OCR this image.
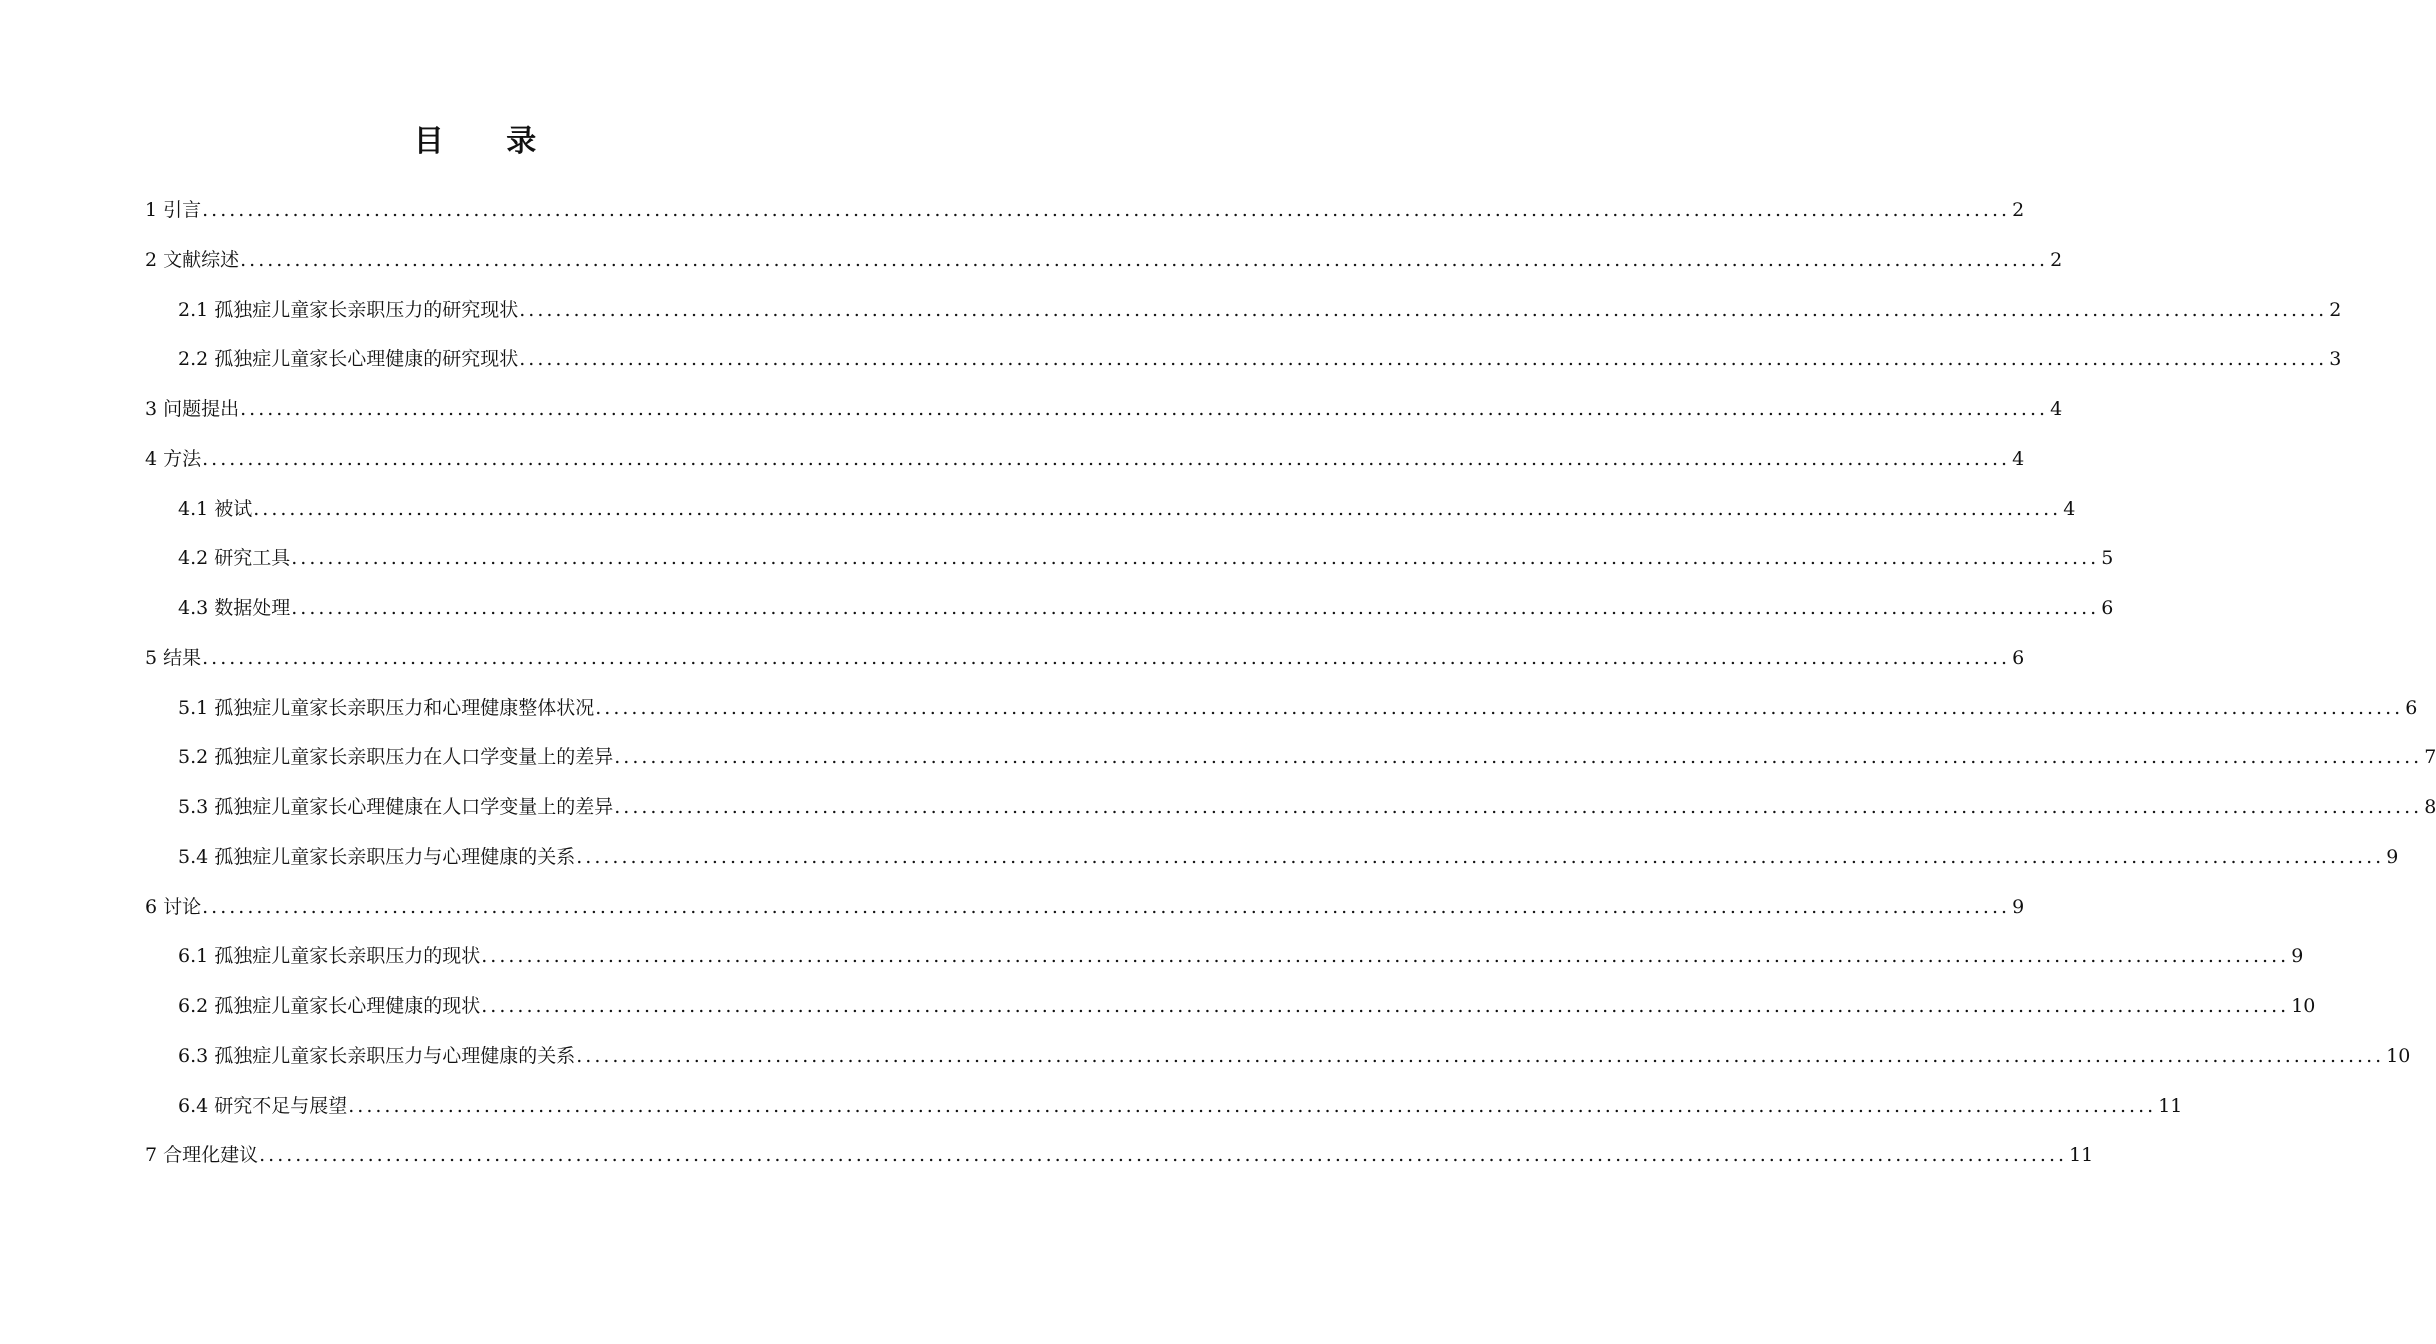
目 录
1 引言 ........................................................................................................................................................................................................ 2
2 文献综述 ........................................................................................................................................................................................................ 2
2.1 孤独症儿童家长亲职压力的研究现状 ........................................................................................................................................................................................................ 2
2.2 孤独症儿童家长心理健康的研究现状 ........................................................................................................................................................................................................ 3
3 问题提出 ........................................................................................................................................................................................................ 4
4 方法 ........................................................................................................................................................................................................ 4
4.1 被试 ........................................................................................................................................................................................................ 4
4.2 研究工具 ........................................................................................................................................................................................................ 5
4.3 数据处理 ........................................................................................................................................................................................................ 6
5 结果 ........................................................................................................................................................................................................ 6
5.1 孤独症儿童家长亲职压力和心理健康整体状况 ........................................................................................................................................................................................................ 6
5.2 孤独症儿童家长亲职压力在人口学变量上的差异 ........................................................................................................................................................................................................ 7
5.3 孤独症儿童家长心理健康在人口学变量上的差异 ........................................................................................................................................................................................................ 8
5.4 孤独症儿童家长亲职压力与心理健康的关系 ........................................................................................................................................................................................................ 9
6 讨论 ........................................................................................................................................................................................................ 9
6.1 孤独症儿童家长亲职压力的现状 ........................................................................................................................................................................................................ 9
6.2 孤独症儿童家长心理健康的现状 ........................................................................................................................................................................................................ 10
6.3 孤独症儿童家长亲职压力与心理健康的关系 ........................................................................................................................................................................................................ 10
6.4 研究不足与展望 ........................................................................................................................................................................................................ 11
7 合理化建议 ........................................................................................................................................................................................................ 11
